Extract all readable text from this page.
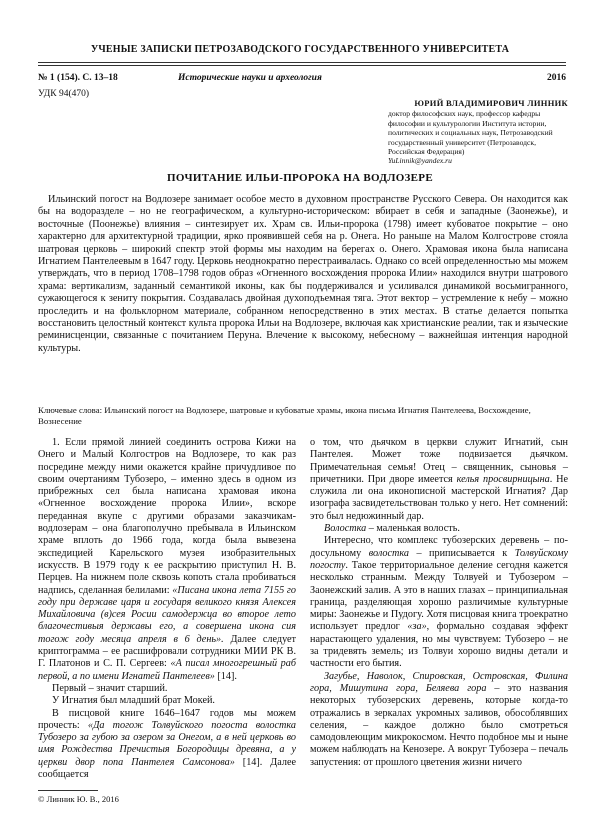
УЧЕНЫЕ ЗАПИСКИ ПЕТРОЗАВОДСКОГО ГОСУДАРСТВЕННОГО УНИВЕРСИТЕТА
№ 1 (154). С. 13–18	Исторические науки и археология	2016
УДК 94(470)
ЮРИЙ ВЛАДИМИРОВИЧ ЛИННИК
доктор философских наук, профессор кафедры философии и культурологии Института истории, политических и социальных наук, Петрозаводский государственный университет (Петрозаводск, Российская Федерация)
YuLinnik@yandex.ru
ПОЧИТАНИЕ ИЛЬИ-ПРОРОКА НА ВОДЛОЗЕРЕ
Ильинский погост на Водлозере занимает особое место в духовном пространстве Русского Севера. Он находится как бы на водоразделе – но не географическом, а культурно-историческом: вбирает в себя и западные (Заонежье), и восточные (Поонежье) влияния – синтезирует их. Храм св. Ильи-пророка (1798) имеет кубоватое покрытие – оно характерно для архитектурной традиции, ярко проявившей себя на р. Онега. Но раньше на Малом Колгострове стояла шатровая церковь – широкий спектр этой формы мы находим на берегах о. Онего. Храмовая икона была написана Игнатием Пантелеевым в 1647 году. Церковь неоднократно перестраивалась. Однако со всей определенностью мы можем утверждать, что в период 1708–1798 годов образ «Огненного восхождения пророка Илии» находился внутри шатрового храма: вертикализм, заданный семантикой иконы, как бы поддерживался и усиливался динамикой восьмигранного, сужающегося к зениту покрытия. Создавалась двойная духоподъемная тяга. Этот вектор – устремление к небу – можно проследить и на фольклорном материале, собранном непосредственно в этих местах. В статье делается попытка восстановить целостный контекст культа пророка Ильи на Водлозере, включая как христианские реалии, так и языческие реминисценции, связанные с почитанием Перуна. Влечение к высокому, небесному – важнейшая интенция народной культуры.
Ключевые слова: Ильинский погост на Водлозере, шатровые и кубоватые храмы, икона письма Игнатия Пантелеева, Восхождение, Вознесение

1. Если прямой линией соединить острова Кижи на Онего и Малый Колгостров на Водлозере, то как раз посредине между ними окажется крайне причудливое по своим очертаниям Тубозеро, – именно здесь в одном из прибрежных сел была написана храмовая икона «Огненное восхождение пророка Илии», вскоре переданная вкупе с другими образами заказчикам-водлозерам – она благополучно пребывала в Ильинском храме вплоть до 1966 года, когда была вывезена экспедицией Карельского музея изобразительных искусств. В 1979 году к ее раскрытию приступил Н. В. Перцев. На нижнем поле сквозь копоть стала пробиваться надпись, сделанная белилами: «Писана икона лета 7155 го году при державе царя и государя великого князя Алексея Михайловича (в)сея Росии самодержца во второе лето благочестивыя державы его, а совершена икона сия тогож году месяца апреля в 6 день». Далее следует криптограмма – ее расшифровали сотрудники МИИ РК В. Г. Платонов и С. П. Сергеев: «А писал многогрешный раб первой, а по имени Игнатей Пантелеев» [14].

Первый – значит старший.

У Игнатия был младший брат Мокей.

В писцовой книге 1646–1647 годов мы можем прочесть: «Да тогож Толвуйского погоста волостка Тубозеро за губою за озером за Онегом, а в ней церковь во имя Рождества Пречистыя Богородицы древяна, а у церкви двор попа Пантелея Самсонова» [14]. Далее сообщается

о том, что дьячком в церкви служит Игнатий, сын Пантелея. Может тоже подвизается дьячком. Примечательная семья! Отец – священник, сыновья – причетники. При дворе имеется келья просвирницына. Не служила ли она иконописной мастерской Игнатия? Дар изографа засвидетельствован только у него. Нет сомнений: это был недюжинный дар.

Волостка – маленькая волость.

Интересно, что комплекс тубозерских деревень – по-досульному волостка – приписывается к Толвуйскому погосту. Такое территориальное деление сегодня кажется несколько странным. Между Толвуей и Тубозером – Заонежский залив. А это в наших глазах – принципиальная граница, разделяющая хорошо различимые культурные миры: Заонежье и Пудогу. Хотя писцовая книга троекратно использует предлог «за», формально создавая эффект нарастающего удаления, но мы чувствуем: Тубозеро – не за тридевять земель; из Толвуи хорошо видны детали и частности его бытия.

Загубье, Наволок, Спировская, Островская, Филина гора, Мишутина гора, Беляева гора – это названия некоторых тубозерских деревень, которые когда-то отражались в зеркалах укромных заливов, обособлявших селения, – каждое должно было смотреться самодовлеющим микрокосмом. Нечто подобное мы и ныне можем наблюдать на Кенозере. А вокруг Тубозера – печаль запустения: от прошлого цветения жизни ничего

© Линник Ю. В., 2016
